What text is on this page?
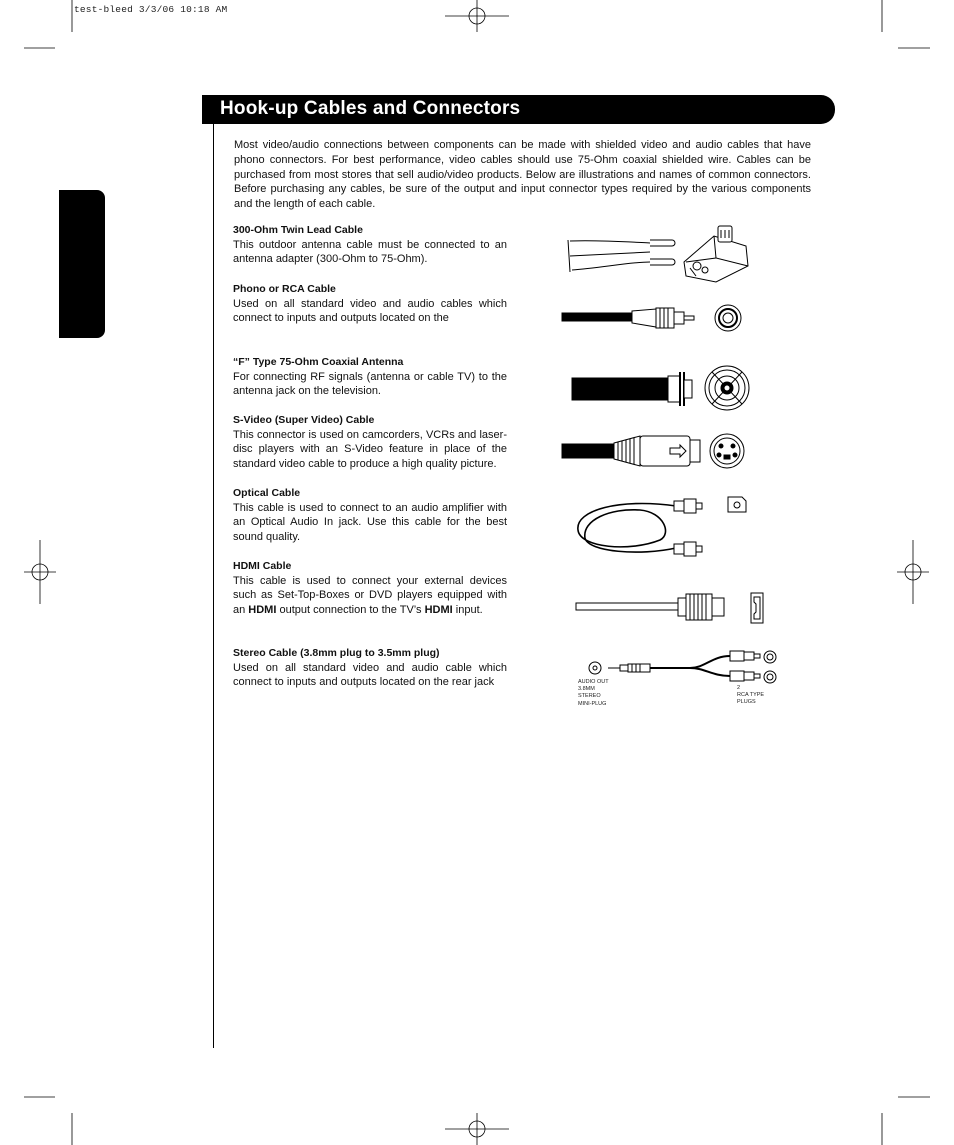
test-bleed 3/3/06 10:18 AM
Hook-up Cables and Connectors
Most video/audio connections between components can be made with shielded video and audio cables that have phono connectors. For best performance, video cables should use 75-Ohm coaxial shielded wire. Cables can be purchased from most stores that sell audio/video products. Below are illustrations and names of common connectors. Before purchasing any cables, be sure of the output and input connector types required by the various components and the length of each cable.
300-Ohm Twin Lead Cable
This outdoor antenna cable must be connected to an antenna adapter (300-Ohm to 75-Ohm).
Phono or RCA Cable
Used on all standard video and audio cables which connect to inputs and outputs located on the
“F” Type 75-Ohm Coaxial Antenna
For connecting RF signals (antenna or cable TV) to the antenna jack on the television.
S-Video (Super Video) Cable
This connector is used on camcorders, VCRs and laser-disc players with an S-Video feature in place of the standard video cable to produce a high quality picture.
Optical Cable
This cable is used to connect to an audio amplifier with an Optical Audio In jack. Use this cable for the best sound quality.
HDMI Cable
This cable is used to connect your external devices such as Set-Top-Boxes or DVD players equipped with an HDMI output connection to the TV’s HDMI input.
Stereo Cable (3.8mm plug to 3.5mm plug)
Used on all standard video and audio cable which connect to inputs and outputs located on the rear jack	AUDIO OUT
3.8MM
STEREO
MINI-PLUG
2
RCA TYPE
PLUGS
